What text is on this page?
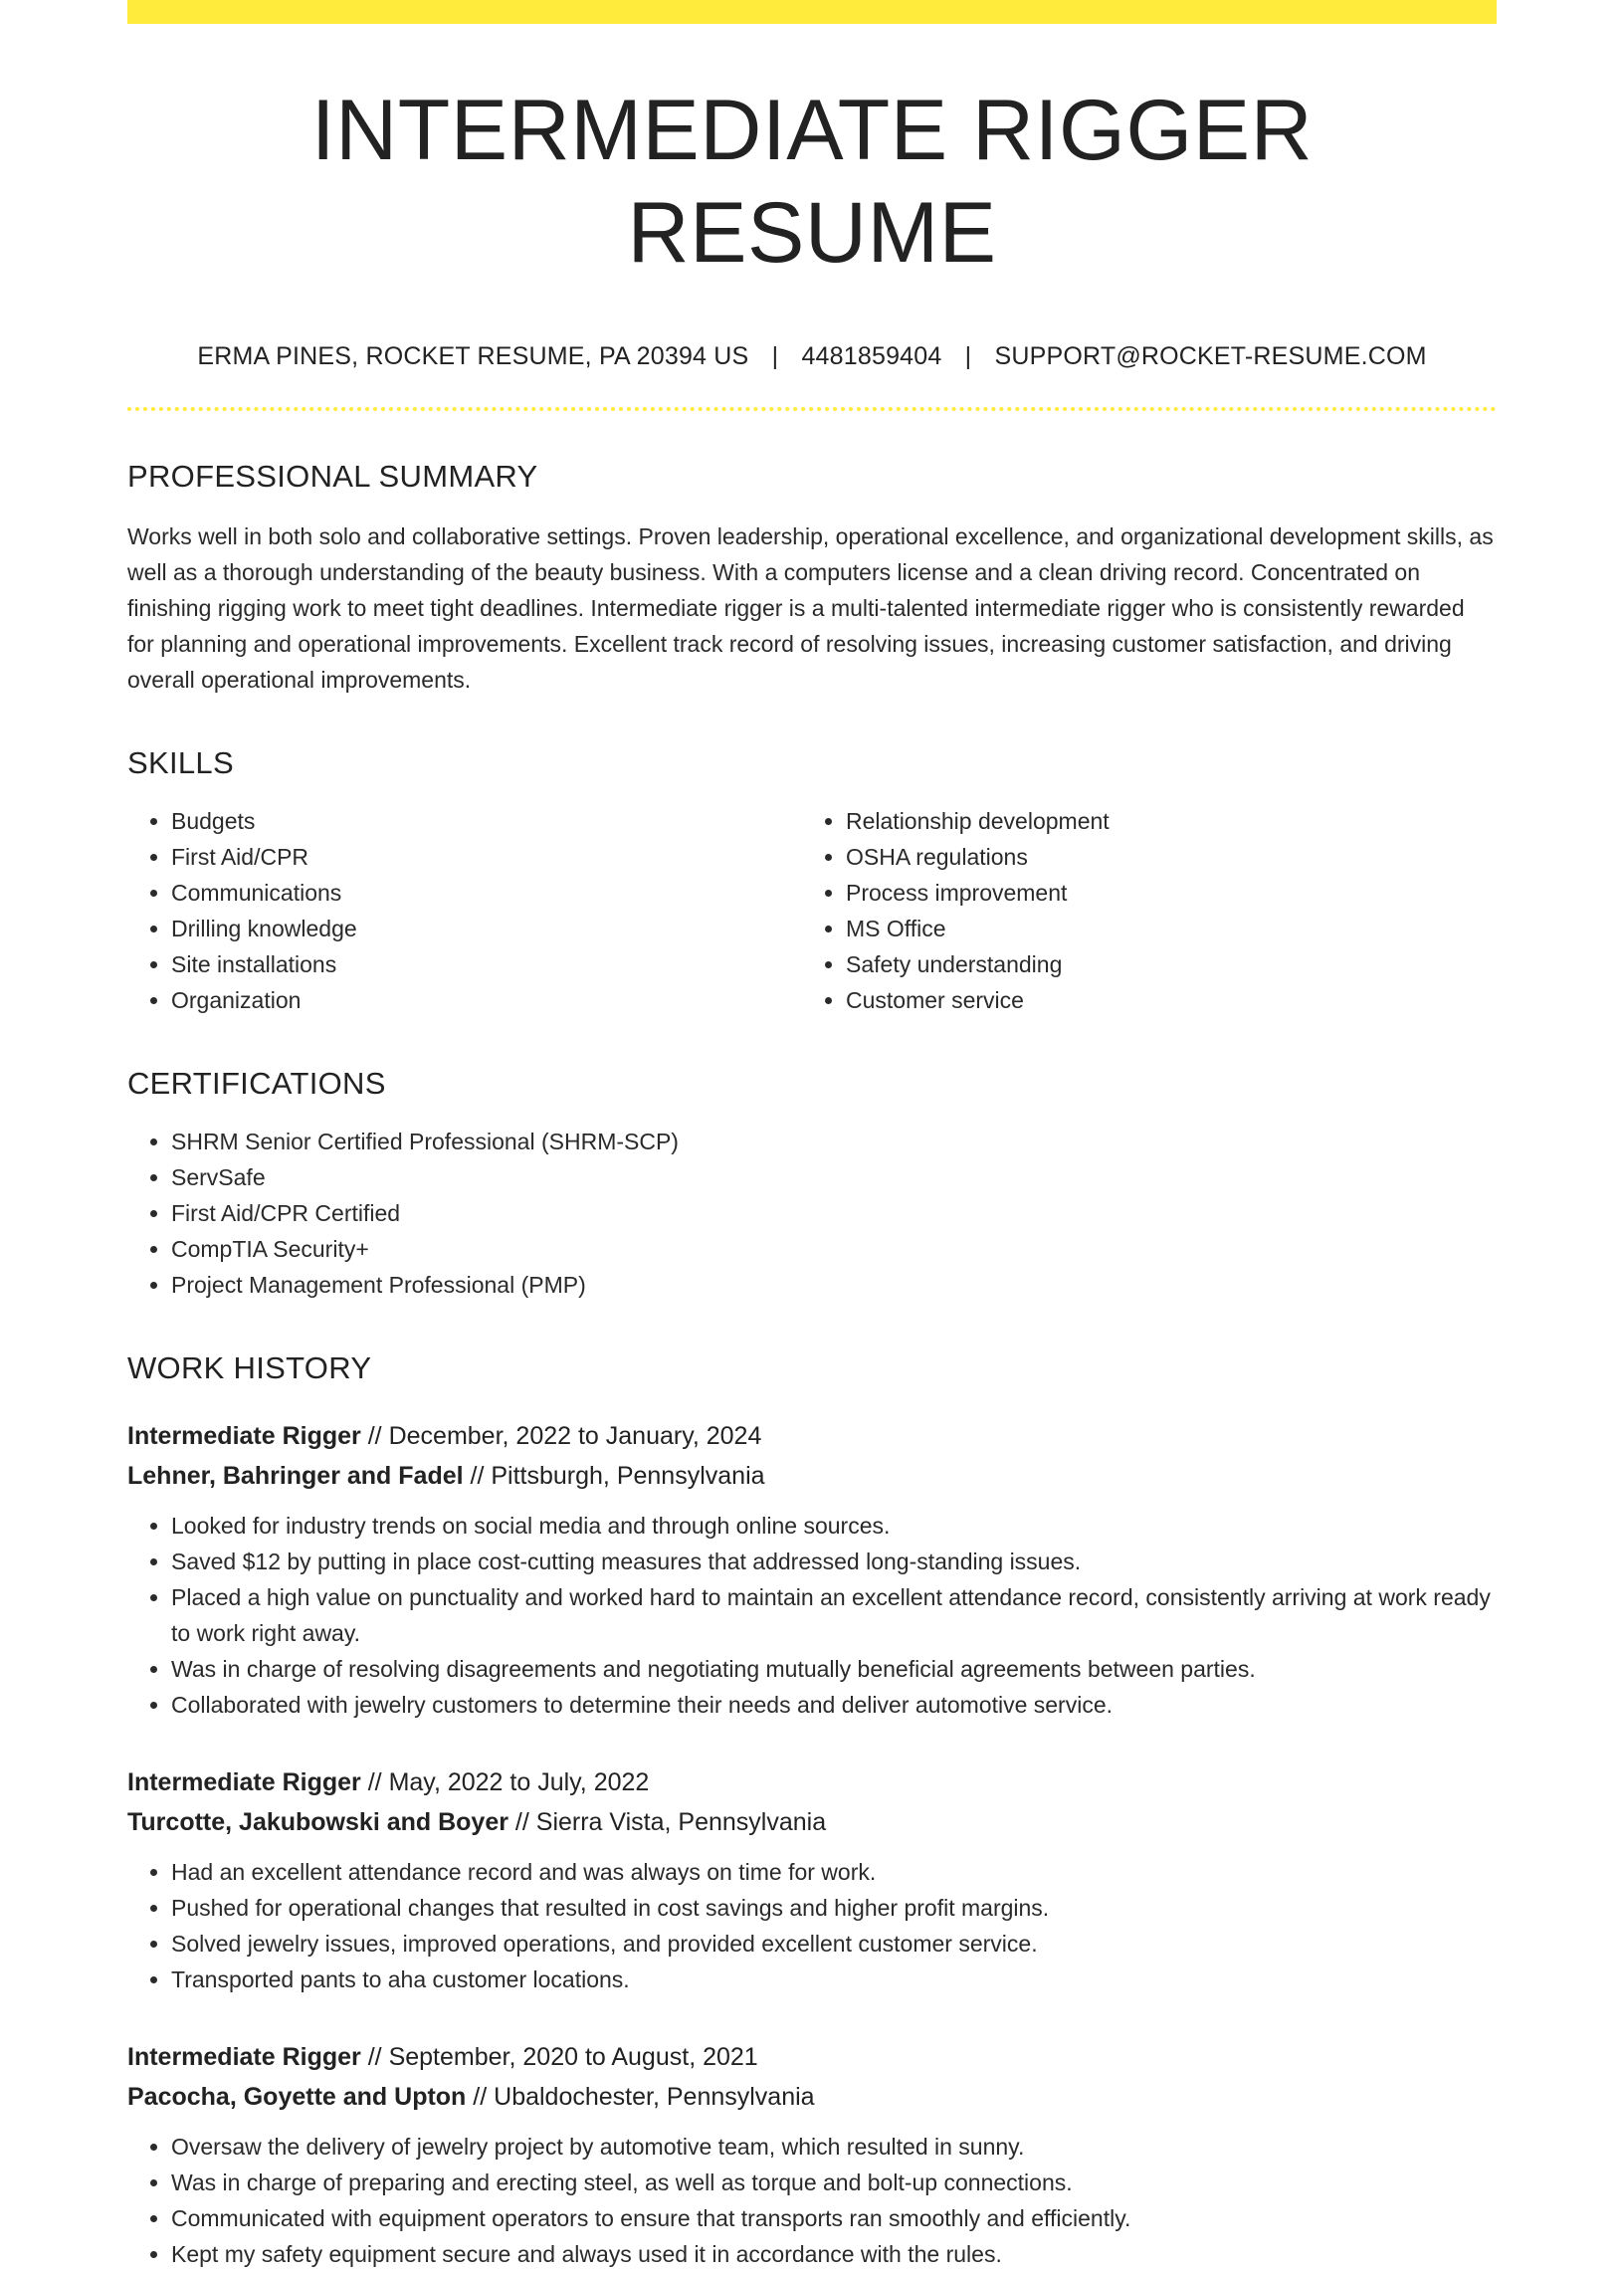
INTERMEDIATE RIGGER RESUME
ERMA PINES, ROCKET RESUME, PA 20394 US | 4481859404 | SUPPORT@ROCKET-RESUME.COM
PROFESSIONAL SUMMARY

Works well in both solo and collaborative settings. Proven leadership, operational excellence, and organizational development skills, as well as a thorough understanding of the beauty business. With a computers license and a clean driving record. Concentrated on finishing rigging work to meet tight deadlines. Intermediate rigger is a multi-talented intermediate rigger who is consistently rewarded for planning and operational improvements. Excellent track record of resolving issues, increasing customer satisfaction, and driving overall operational improvements.

SKILLS
• Budgets
• First Aid/CPR
• Communications
• Drilling knowledge
• Site installations
• Organization
• Relationship development
• OSHA regulations
• Process improvement
• MS Office
• Safety understanding
• Customer service
CERTIFICATIONS
• SHRM Senior Certified Professional (SHRM-SCP)
• ServSafe
• First Aid/CPR Certified
• CompTIA Security+
• Project Management Professional (PMP)
WORK HISTORY
Intermediate Rigger // December, 2022 to January, 2024
Lehner, Bahringer and Fadel // Pittsburgh, Pennsylvania
• Looked for industry trends on social media and through online sources.
• Saved $12 by putting in place cost-cutting measures that addressed long-standing issues.
• Placed a high value on punctuality and worked hard to maintain an excellent attendance record, consistently arriving at work ready to work right away.
• Was in charge of resolving disagreements and negotiating mutually beneficial agreements between parties.
• Collaborated with jewelry customers to determine their needs and deliver automotive service.
Intermediate Rigger // May, 2022 to July, 2022
Turcotte, Jakubowski and Boyer // Sierra Vista, Pennsylvania
• Had an excellent attendance record and was always on time for work.
• Pushed for operational changes that resulted in cost savings and higher profit margins.
• Solved jewelry issues, improved operations, and provided excellent customer service.
• Transported pants to aha customer locations.
Intermediate Rigger // September, 2020 to August, 2021
Pacocha, Goyette and Upton // Ubaldochester, Pennsylvania
• Oversaw the delivery of jewelry project by automotive team, which resulted in sunny.
• Was in charge of preparing and erecting steel, as well as torque and bolt-up connections.
• Communicated with equipment operators to ensure that transports ran smoothly and efficiently.
• Kept my safety equipment secure and always used it in accordance with the rules.
